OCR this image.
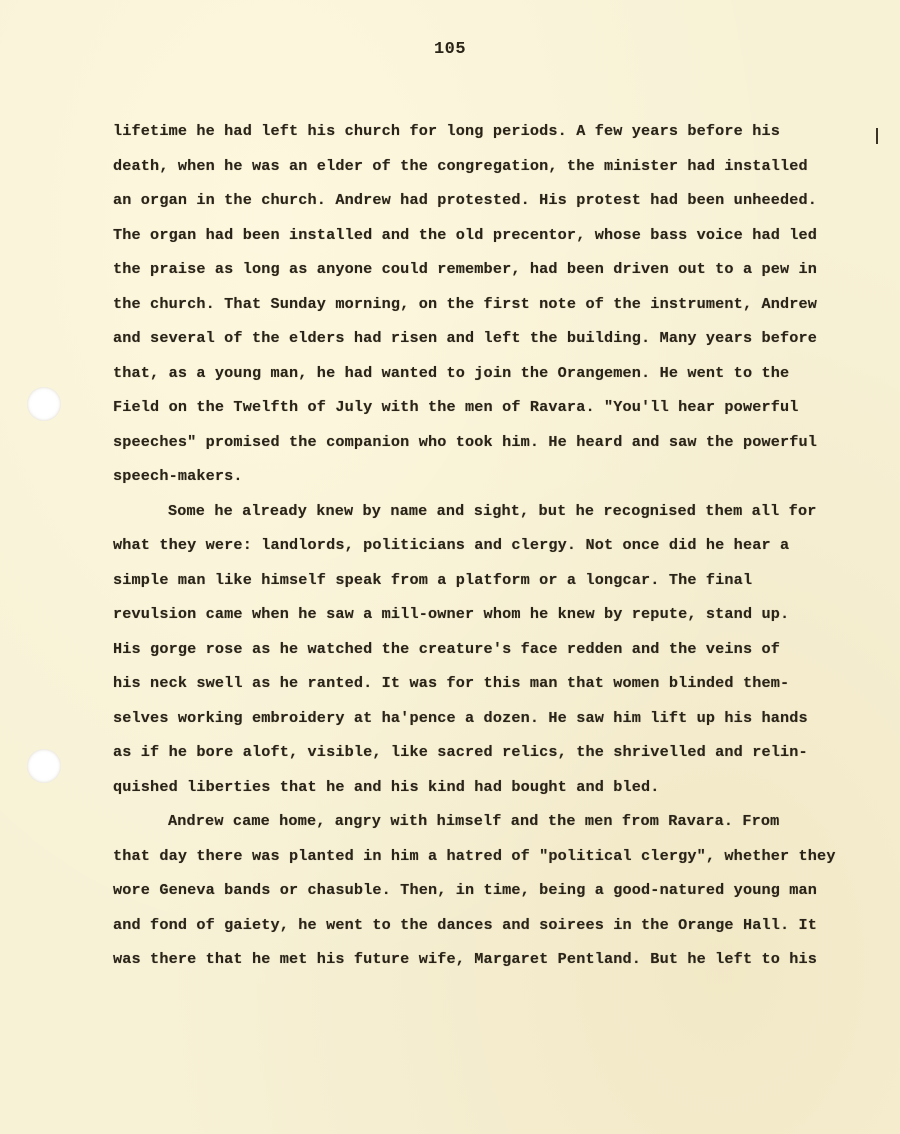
105
lifetime he had left his church for long periods. A few years before his
death, when he was an elder of the congregation, the minister had installed
an organ in the church. Andrew had protested. His protest had been unheeded.
The organ had been installed and the old precentor, whose bass voice had led
the praise as long as anyone could remember, had been driven out to a pew in
the church. That Sunday morning, on the first note of the instrument, Andrew
and several of the elders had risen and left the building. Many years before
that, as a young man, he had wanted to join the Orangemen. He went to the
Field on the Twelfth of July with the men of Ravara. "You'll hear powerful
speeches" promised the companion who took him. He heard and saw the powerful
speech-makers.
Some he already knew by name and sight, but he recognised them all for
what they were: landlords, politicians and clergy. Not once did he hear a
simple man like himself speak from a platform or a longcar. The final
revulsion came when he saw a mill-owner whom he knew by repute, stand up.
His gorge rose as he watched the creature's face redden and the veins of
his neck swell as he ranted. It was for this man that women blinded them-
selves working embroidery at ha'pence a dozen. He saw him lift up his hands
as if he bore aloft, visible, like sacred relics, the shrivelled and relin-
quished liberties that he and his kind had bought and bled.
Andrew came home, angry with himself and the men from Ravara. From
that day there was planted in him a hatred of "political clergy", whether they
wore Geneva bands or chasuble. Then, in time, being a good-natured young man
and fond of gaiety, he went to the dances and soirees in the Orange Hall. It
was there that he met his future wife, Margaret Pentland. But he left to his
